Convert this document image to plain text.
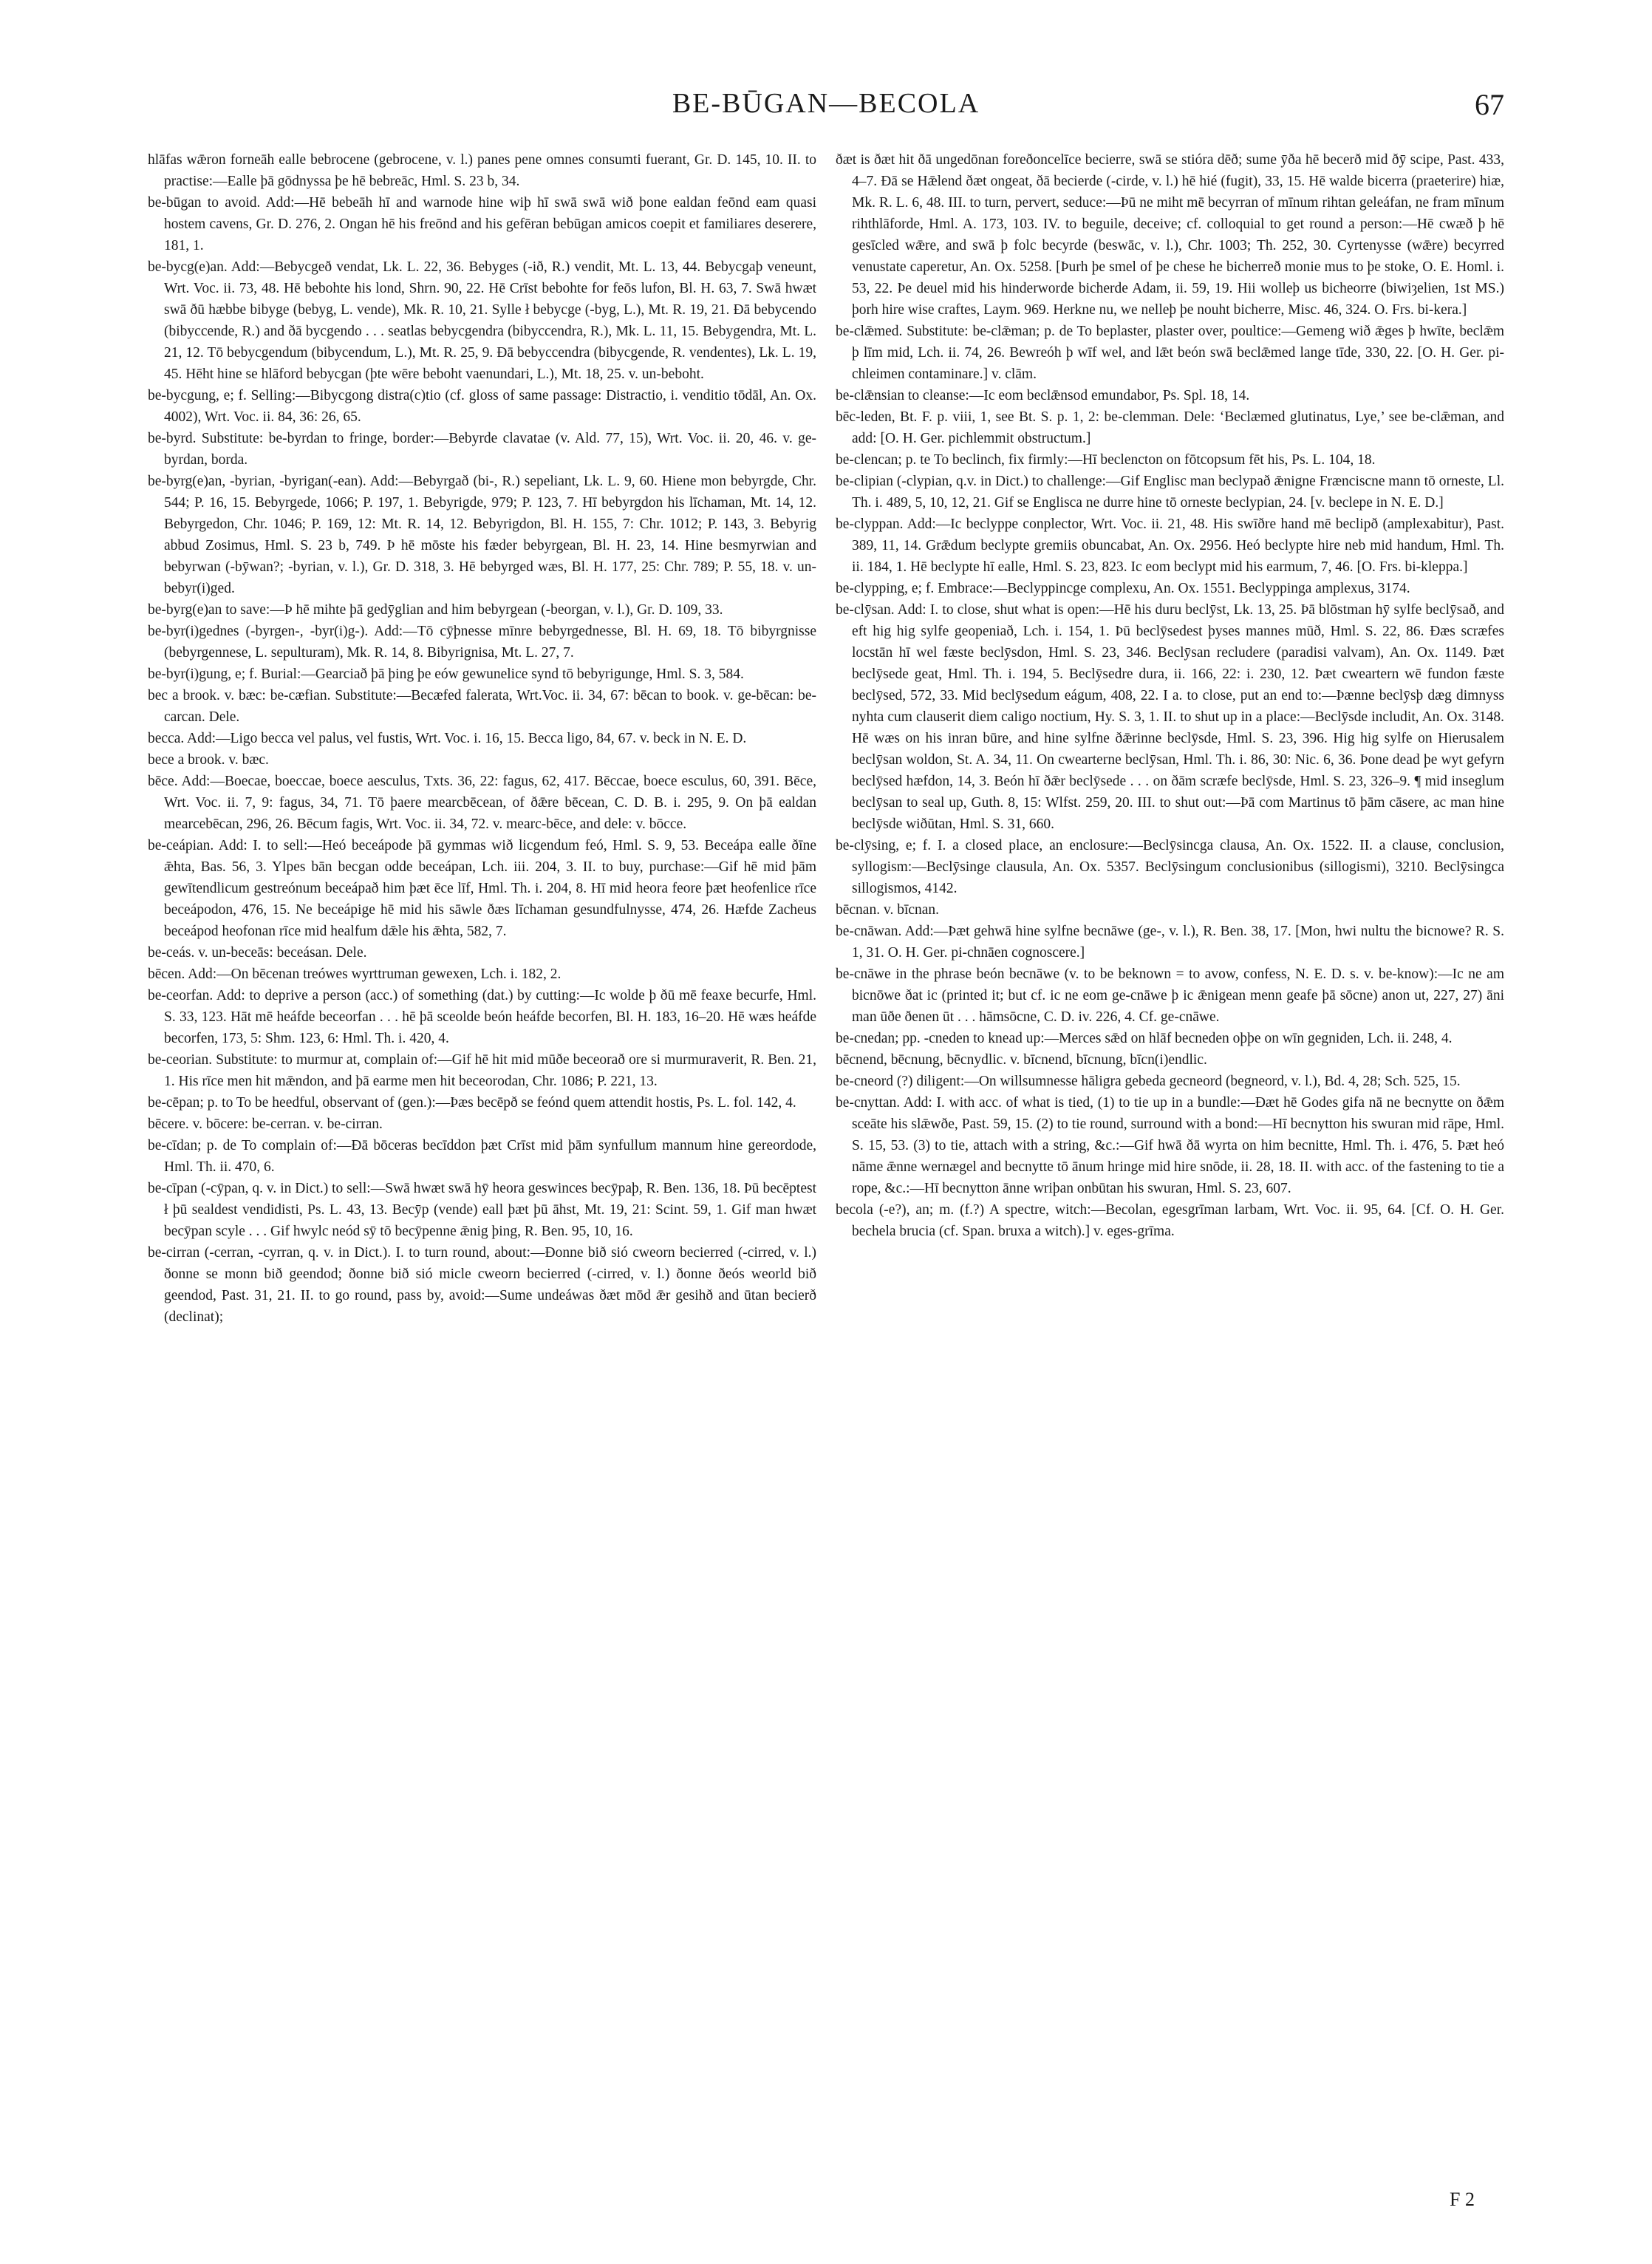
BE-BŪGAN—BECOLA	67

hlāfas wǣron forneāh ealle bebrocene (gebrocene, v. l.) panes pene omnes consumti fuerant, Gr. D. 145, 10. II. to practise:—Ealle þā gōdnyssa þe hē bebreāc, Hml. S. 23 b, 34.

be-būgan to avoid. Add:—Hē bebeāh hī and warnode hine wiþ hī swā swā wið þone ealdan feōnd eam quasi hostem cavens, Gr. D. 276, 2. Ongan hē his freōnd and his gefēran bebūgan amicos coepit et familiares deserere, 181, 1.

be-bycg(e)an. Add:—Bebycgeð vendat, Lk. L. 22, 36. Bebyges (-ið, R.) vendit, Mt. L. 13, 44. Bebycgaþ veneunt, Wrt. Voc. ii. 73, 48. Hē bebohte his lond, Shrn. 90, 22. Hē Crīst bebohte for feōs lufon, Bl. H. 63, 7. Swā hwæt swā ðū hæbbe bibyge (bebyg, L. vende), Mk. R. 10, 21. Sylle ł bebycge (-byg, L.), Mt. R. 19, 21. Ðā bebycendo (bibyccende, R.) and ðā bycgendo . . . seatlas bebycgendra (bibyccendra, R.), Mk. L. 11, 15. Bebygendra, Mt. L. 21, 12. Tō bebycgendum (bibycendum, L.), Mt. R. 25, 9. Ðā bebyccendra (bibycgende, R. vendentes), Lk. L. 19, 45. Hēht hine se hlāford bebycgan (þte wēre beboht vaenundari, L.), Mt. 18, 25. v. un-beboht.

be-bycgung, e; f. Selling:—Bibycgong distra(c)tio (cf. gloss of same passage: Distractio, i. venditio tōdāl, An. Ox. 4002), Wrt. Voc. ii. 84, 36: 26, 65.

be-byrd. Substitute: be-byrdan to fringe, border:—Bebyrde clavatae (v. Ald. 77, 15), Wrt. Voc. ii. 20, 46. v. ge-byrdan, borda.

be-byrg(e)an, -byrian, -byrigan(-ean). Add:—Bebyrgað (bi-, R.) sepeliant, Lk. L. 9, 60. Hiene mon bebyrgde, Chr. 544; P. 16, 15. Bebyrgede, 1066; P. 197, 1. Bebyrigde, 979; P. 123, 7. Hī bebyrgdon his līchaman, Mt. 14, 12. Bebyrgedon, Chr. 1046; P. 169, 12: Mt. R. 14, 12. Bebyrigdon, Bl. H. 155, 7: Chr. 1012; P. 143, 3. Bebyrig abbud Zosimus, Hml. S. 23 b, 749. Þ hē mōste his fæder bebyrgean, Bl. H. 23, 14. Hine besmyrwian and bebyrwan (-bȳwan?; -byrian, v. l.), Gr. D. 318, 3. Hē bebyrged wæs, Bl. H. 177, 25: Chr. 789; P. 55, 18. v. un-bebyr(i)ged.

be-byrg(e)an to save:—Þ hē mihte þā gedȳglian and him bebyrgean (-beorgan, v. l.), Gr. D. 109, 33.

be-byr(i)gednes (-byrgen-, -byr(i)g-). Add:—Tō cȳþnesse mīnre bebyrgednesse, Bl. H. 69, 18. Tō bibyrgnisse (bebyrgennese, L. sepulturam), Mk. R. 14, 8. Bibyrignisa, Mt. L. 27, 7.

be-byr(i)gung, e; f. Burial:—Gearciað þā þing þe eów gewunelice synd tō bebyrigunge, Hml. S. 3, 584.

bec a brook. v. bæc: be-cæfian. Substitute:—Becæfed falerata, Wrt.Voc. ii. 34, 67: bēcan to book. v. ge-bēcan: be-carcan. Dele.

becca. Add:—Ligo becca vel palus, vel fustis, Wrt. Voc. i. 16, 15. Becca ligo, 84, 67. v. beck in N. E. D.

bece a brook. v. bæc.

bēce. Add:—Boecae, boeccae, boece aesculus, Txts. 36, 22: fagus, 62, 417. Bēccae, boece esculus, 60, 391. Bēce, Wrt. Voc. ii. 7, 9: fagus, 34, 71. Tō þaere mearcbēcean, of ðǣre bēcean, C. D. B. i. 295, 9. On þā ealdan mearcebēcan, 296, 26. Bēcum fagis, Wrt. Voc. ii. 34, 72. v. mearc-bēce, and dele: v. bōcce.

be-ceápian. Add: I. to sell:—Heó beceápode þā gymmas wið licgendum feó, Hml. S. 9, 53. Beceápa ealle ðīne ǣhta, Bas. 56, 3. Ylpes bān becgan odde beceápan, Lch. iii. 204, 3. II. to buy, purchase:—Gif hē mid þām gewītendlicum gestreónum beceápað him þæt ēce līf, Hml. Th. i. 204, 8. Hī mid heora feore þæt heofenlice rīce beceápodon, 476, 15. Ne beceápige hē mid his sāwle ðæs līchaman gesundfulnysse, 474, 26. Hæfde Zacheus beceápod heofonan rīce mid healfum dǣle his ǣhta, 582, 7.

be-ceás. v. un-beceās: beceásan. Dele.

bēcen. Add:—On bēcenan treówes wyrttruman gewexen, Lch. i. 182, 2.

be-ceorfan. Add: to deprive a person (acc.) of something (dat.) by cutting:—Ic wolde þ ðū mē feaxe becurfe, Hml. S. 33, 123. Hāt mē heáfde beceorfan . . . hē þā sceolde beón heáfde becorfen, Bl. H. 183, 16–20. Hē wæs heáfde becorfen, 173, 5: Shm. 123, 6: Hml. Th. i. 420, 4.

be-ceorian. Substitute: to murmur at, complain of:—Gif hē hit mid mūðe beceorað ore si murmuraverit, R. Ben. 21, 1. His rīce men hit mǣndon, and þā earme men hit beceorodan, Chr. 1086; P. 221, 13.

be-cēpan; p. to To be heedful, observant of (gen.):—Þæs becēpð se feónd quem attendit hostis, Ps. L. fol. 142, 4.

bēcere. v. bōcere: be-cerran. v. be-cirran.

be-cīdan; p. de To complain of:—Ðā bōceras becīddon þæt Crīst mid þām synfullum mannum hine gereordode, Hml. Th. ii. 470, 6.

be-cīpan (-cȳpan, q. v. in Dict.) to sell:—Swā hwæt swā hȳ heora geswinces becȳpaþ, R. Ben. 136, 18. Þū becēptest ł þū sealdest vendidisti, Ps. L. 43, 13. Becȳp (vende) eall þæt þū āhst, Mt. 19, 21: Scint. 59, 1. Gif man hwæt becȳpan scyle . . . Gif hwylc neód sȳ tō becȳpenne ǣnig þing, R. Ben. 95, 10, 16.

be-cirran (-cerran, -cyrran, q. v. in Dict.). I. to turn round, about:—Ðonne bið sió cweorn becierred (-cirred, v. l.) ðonne se monn bið geendod; ðonne bið sió micle cweorn becierred (-cirred, v. l.) ðonne ðeós weorld bið geendod, Past. 31, 21. II. to go round, pass by, avoid:—Sume undeáwas ðæt mōd ǣr gesihð and ūtan becierð (declinat);

ðæt is ðæt hit ðā ungedōnan foreðoncelīce becierre, swā se stióra dēð; sume ȳða hē becerð mid ðȳ scipe, Past. 433, 4–7. Ðā se Hǣlend ðæt ongeat, ðā becierde (-cirde, v. l.) hē hié (fugit), 33, 15. Hē walde bicerra (praeterire) hiæ, Mk. R. L. 6, 48. III. to turn, pervert, seduce:—Þū ne miht mē becyrran of mīnum rihtan geleáfan, ne fram mīnum rihthlāforde, Hml. A. 173, 103. IV. to beguile, deceive; cf. colloquial to get round a person:—Hē cwæð þ hē gesīcled wǣre, and swā þ folc becyrde (beswāc, v. l.), Chr. 1003; Th. 252, 30. Cyrtenysse (wǣre) becyrred venustate caperetur, An. Ox. 5258. [Þurh þe smel of þe chese he bicherreð monie mus to þe stoke, O. E. Homl. i. 53, 22. Þe deuel mid his hinderworde bicherde Adam, ii. 59, 19. Hii wolleþ us bicheorre (biwiȝelien, 1st MS.) þorh hire wise craftes, Laym. 969. Herkne nu, we nelleþ þe nouht bicherre, Misc. 46, 324. O. Frs. bi-kera.]

be-clǣmed. Substitute: be-clǣman; p. de To beplaster, plaster over, poultice:—Gemeng wið ǣges þ hwīte, beclǣm þ līm mid, Lch. ii. 74, 26. Bewreóh þ wīf wel, and lǣt beón swā beclǣmed lange tīde, 330, 22. [O. H. Ger. pi-chleimen contaminare.] v. clām.

be-clǣnsian to cleanse:—Ic eom beclǣnsod emundabor, Ps. Spl. 18, 14.

bēc-leden, Bt. F. p. viii, 1, see Bt. S. p. 1, 2: be-clemman. Dele: ‘Beclæmed glutinatus, Lye,’ see be-clǣman, and add: [O. H. Ger. pichlemmit obstructum.]

be-clencan; p. te To beclinch, fix firmly:—Hī beclencton on fōtcopsum fēt his, Ps. L. 104, 18.

be-clipian (-clypian, q.v. in Dict.) to challenge:—Gif Englisc man beclypað ǣnigne Frænciscne mann tō orneste, Ll. Th. i. 489, 5, 10, 12, 21. Gif se Englisca ne durre hine tō orneste beclypian, 24. [v. beclepe in N. E. D.]

be-clyppan. Add:—Ic beclyppe conplector, Wrt. Voc. ii. 21, 48. His swīðre hand mē beclipð (amplexabitur), Past. 389, 11, 14. Grǣdum beclypte gremiis obuncabat, An. Ox. 2956. Heó beclypte hire neb mid handum, Hml. Th. ii. 184, 1. Hē beclypte hī ealle, Hml. S. 23, 823. Ic eom beclypt mid his earmum, 7, 46. [O. Frs. bi-kleppa.]

be-clypping, e; f. Embrace:—Beclyppincge complexu, An. Ox. 1551. Beclyppinga amplexus, 3174.

be-clȳsan. Add: I. to close, shut what is open:—Hē his duru beclȳst, Lk. 13, 25. Þā blōstman hȳ sylfe beclȳsað, and eft hig hig sylfe geopeniað, Lch. i. 154, 1. Þū beclȳsedest þyses mannes mūð, Hml. S. 22, 86. Ðæs scræfes locstān hī wel fæste beclȳsdon, Hml. S. 23, 346. Beclȳsan recludere (paradisi valvam), An. Ox. 1149. Þæt beclȳsede geat, Hml. Th. i. 194, 5. Beclȳsedre dura, ii. 166, 22: i. 230, 12. Þæt cweartern wē fundon fæste beclȳsed, 572, 33. Mid beclȳsedum eágum, 408, 22. I a. to close, put an end to:—Þænne beclȳsþ dæg dimnyss nyhta cum clauserit diem caligo noctium, Hy. S. 3, 1. II. to shut up in a place:—Beclȳsde includit, An. Ox. 3148. Hē wæs on his inran būre, and hine sylfne ðǣrinne beclȳsde, Hml. S. 23, 396. Hig hig sylfe on Hierusalem beclȳsan woldon, St. A. 34, 11. On cwearterne beclȳsan, Hml. Th. i. 86, 30: Nic. 6, 36. Þone dead þe wyt gefyrn beclȳsed hæfdon, 14, 3. Beón hī ðǣr beclȳsede . . . on ðām scræfe beclȳsde, Hml. S. 23, 326–9. ¶ mid inseglum beclȳsan to seal up, Guth. 8, 15: Wlfst. 259, 20. III. to shut out:—Þā com Martinus tō þām cāsere, ac man hine beclȳsde wiðūtan, Hml. S. 31, 660.

be-clȳsing, e; f. I. a closed place, an enclosure:—Beclȳsincga clausa, An. Ox. 1522. II. a clause, conclusion, syllogism:—Beclȳsinge clausula, An. Ox. 5357. Beclȳsingum conclusionibus (sillogismi), 3210. Beclȳsingca sillogismos, 4142.

bēcnan. v. bīcnan.

be-cnāwan. Add:—Þæt gehwā hine sylfne becnāwe (ge-, v. l.), R. Ben. 38, 17. [Mon, hwi nultu the bicnowe? R. S. 1, 31. O. H. Ger. pi-chnāen cognoscere.]

be-cnāwe in the phrase beón becnāwe (v. to be beknown = to avow, confess, N. E. D. s. v. be-know):—Ic ne am bicnōwe ðat ic (printed it; but cf. ic ne eom ge-cnāwe þ ic ǣnigean menn geafe þā sōcne) anon ut, 227, 27) āni man ūðe ðenen ūt . . . hāmsōcne, C. D. iv. 226, 4. Cf. ge-cnāwe.

be-cnedan; pp. -cneden to knead up:—Merces sǣd on hlāf becneden oþþe on wīn gegniden, Lch. ii. 248, 4.

bēcnend, bēcnung, bēcnydlic. v. bīcnend, bīcnung, bīcn(i)endlic.

be-cneord (?) diligent:—On willsumnesse hāligra gebeda gecneord (begneord, v. l.), Bd. 4, 28; Sch. 525, 15.

be-cnyttan. Add: I. with acc. of what is tied, (1) to tie up in a bundle:—Ðæt hē Godes gifa nā ne becnytte on ðǣm sceāte his slǣwðe, Past. 59, 15. (2) to tie round, surround with a bond:—Hī becnytton his swuran mid rāpe, Hml. S. 15, 53. (3) to tie, attach with a string, &c.:—Gif hwā ðā wyrta on him becnitte, Hml. Th. i. 476, 5. Þæt heó nāme ǣnne wernægel and becnytte tō ānum hringe mid hire snōde, ii. 28, 18. II. with acc. of the fastening to tie a rope, &c.:—Hī becnytton ānne wriþan onbūtan his swuran, Hml. S. 23, 607.

becola (-e?), an; m. (f.?) A spectre, witch:—Becolan, egesgrīman larbam, Wrt. Voc. ii. 95, 64. [Cf. O. H. Ger. bechela brucia (cf. Span. bruxa a witch).] v. eges-grīma.

F 2
